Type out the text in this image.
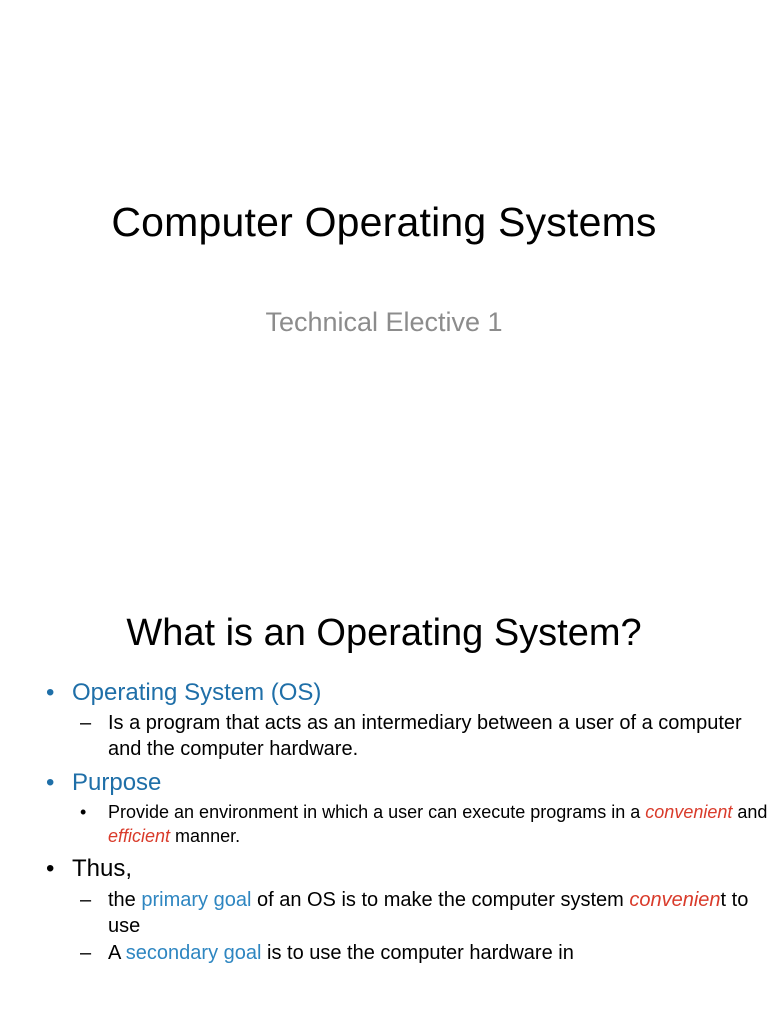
Computer Operating Systems
Technical Elective 1
What is an Operating System?
• Operating System (OS)
– Is a program that acts as an intermediary between a user of a computer and the computer hardware.
• Purpose
• Provide an environment in which a user can execute programs in a convenient and efficient manner.
• Thus,
– the primary goal of an OS is to make the computer system convenient to use
– A secondary goal is to use the computer hardware in
